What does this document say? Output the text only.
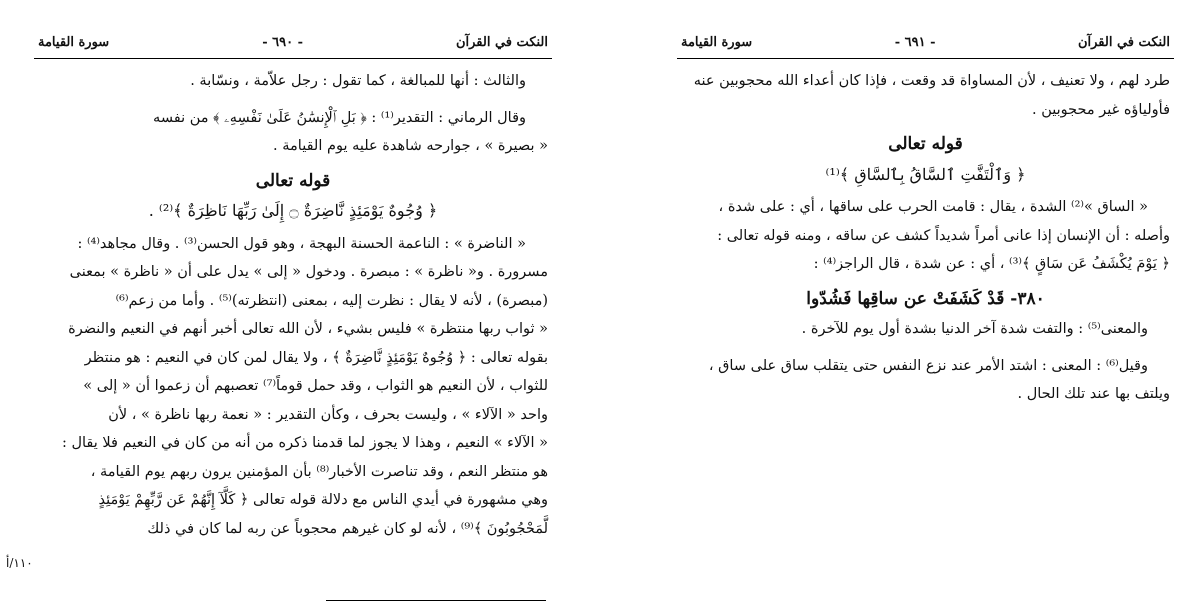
النكت في القرآن
- ٦٩٠ -
سورة القيامة

والثالث : أنها للمبالغة ، كما تقول : رجل علاّمة ، ونسّابة .

وقال الرماني : التقدير⁽¹⁾ : ﴿ بَلِ ٱلْإِنسَٰنُ عَلَىٰ نَفْسِهِۦ ﴾ من نفسه

« بصيرة » ، جوارحه شاهدة عليه يوم القيامة .

قوله تعالى
﴿ وُجُوهٌ يَوْمَئِذٍ نَّاضِرَةٌ ۝ إِلَىٰ رَبِّهَا نَاظِرَةٌ ﴾⁽²⁾ .

« الناضرة » : الناعمة الحسنة البهجة ، وهو قول الحسن⁽³⁾ . وقال مجاهد⁽⁴⁾ :

مسرورة . و« ناظرة » : مبصرة . ودخول « إلى » يدل على أن « ناظرة » بمعنى

(مبصرة) ، لأنه لا يقال : نظرت إليه ، بمعنى (انتظرته)⁽⁵⁾ . وأما من زعم⁽⁶⁾

« ثواب ربها منتظرة » فليس بشيء ، لأن الله تعالى أخبر أنهم في النعيم والنضرة

بقوله تعالى : ﴿ وُجُوهٌ يَوْمَئِذٍ نَّاضِرَةٌ ﴾ ، ولا يقال لمن كان في النعيم : هو منتظر

للثواب ، لأن النعيم هو الثواب ، وقد حمل قوماً⁽⁷⁾ تعصبهم أن زعموا أن « إلى »

واحد « الآلاء » ، وليست بحرف ، وكأن التقدير : « نعمة ربها ناظرة » ، لأن

« الآلاء » النعيم ، وهذا لا يجوز لما قدمنا ذكره من أنه من كان في النعيم فلا يقال :

هو منتظر النعم ، وقد تناصرت الأخبار⁽⁸⁾ بأن المؤمنين يرون ربهم يوم القيامة ،

وهي مشهورة في أيدي الناس مع دلالة قوله تعالى ﴿ كَلَّآ إِنَّهُمْ عَن رَّبِّهِمْ يَوْمَئِذٍ

لَّمَحْجُوبُونَ ﴾⁽⁹⁾ ، لأنه لو كان غيرهم محجوباً عن ربه لما كان في ذلك

١١٠/أ
النكت في القرآن
- ٦٩١ -
سورة القيامة

طرد لهم ، ولا تعنيف ، لأن المساواة قد وقعت ، فإذا كان أعداء الله محجوبين عنه

فأولياؤه غير محجوبين .

قوله تعالى
﴿ وَٱلْتَفَّتِ ٱلسَّاقُ بِٱلسَّاقِ ﴾⁽¹⁾

« الساق »⁽²⁾ الشدة ، يقال : قامت الحرب على ساقها ، أي : على شدة ،

وأصله : أن الإنسان إذا عانى أمراً شديداً كشف عن ساقه ، ومنه قوله تعالى :

﴿ يَوْمَ يُكْشَفُ عَن سَاقٍ ﴾⁽³⁾ ، أي : عن شدة ، قال الراجز⁽⁴⁾ :

٣٨٠- قَدْ كَشَفَتْ عن ساقِها فَشُدّوا

والمعنى⁽⁵⁾ : والتفت شدة آخر الدنيا بشدة أول يوم للآخرة .

وقيل⁽⁶⁾ : المعنى : اشتد الأمر عند نزع النفس حتى يتقلب ساق على ساق ،

ويلتف بها عند تلك الحال .
